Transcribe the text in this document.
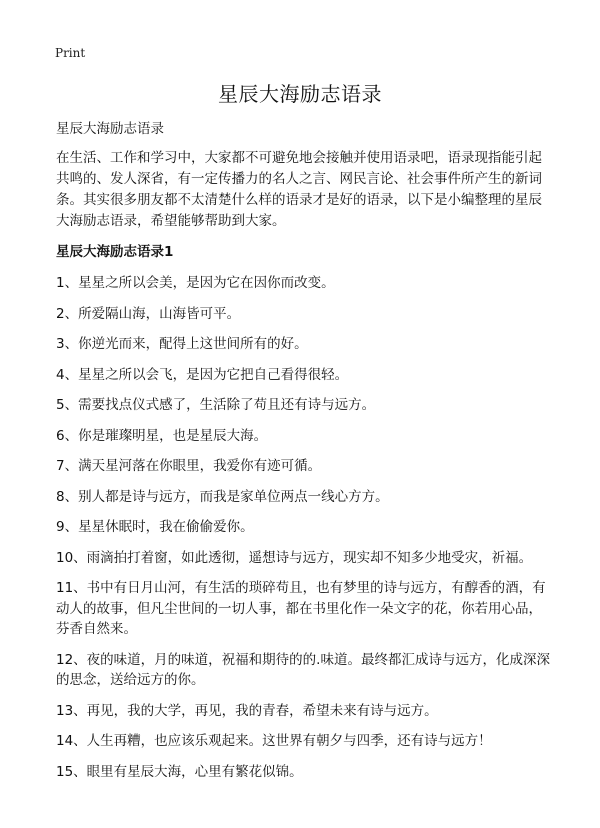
Print
星辰大海励志语录

星辰大海励志语录

在生活、工作和学习中，大家都不可避免地会接触并使用语录吧，语录现指能引起共鸣的、发人深省，有一定传播力的名人之言、网民言论、社会事件所产生的新词条。其实很多朋友都不太清楚什么样的语录才是好的语录，以下是小编整理的星辰大海励志语录，希望能够帮助到大家。

星辰大海励志语录1

1、星星之所以会美，是因为它在因你而改变。

2、所爱隔山海，山海皆可平。

3、你逆光而来，配得上这世间所有的好。

4、星星之所以会飞，是因为它把自己看得很轻。

5、需要找点仪式感了，生活除了苟且还有诗与远方。

6、你是璀璨明星，也是星辰大海。

7、满天星河落在你眼里，我爱你有迹可循。

8、别人都是诗与远方，而我是家单位两点一线心方方。

9、星星休眠时，我在偷偷爱你。

10、雨滴拍打着窗，如此透彻，遥想诗与远方，现实却不知多少地受灾，祈福。

11、书中有日月山河，有生活的琐碎苟且，也有梦里的诗与远方，有醇香的酒，有动人的故事，但凡尘世间的一切人事，都在书里化作一朵文字的花，你若用心品，芬香自然来。

12、夜的味道，月的味道，祝福和期待的的.味道。最终都汇成诗与远方，化成深深的思念，送给远方的你。

13、再见，我的大学，再见，我的青春，希望未来有诗与远方。

14、人生再糟，也应该乐观起来。这世界有朝夕与四季，还有诗与远方！

15、眼里有星辰大海，心里有繁花似锦。
